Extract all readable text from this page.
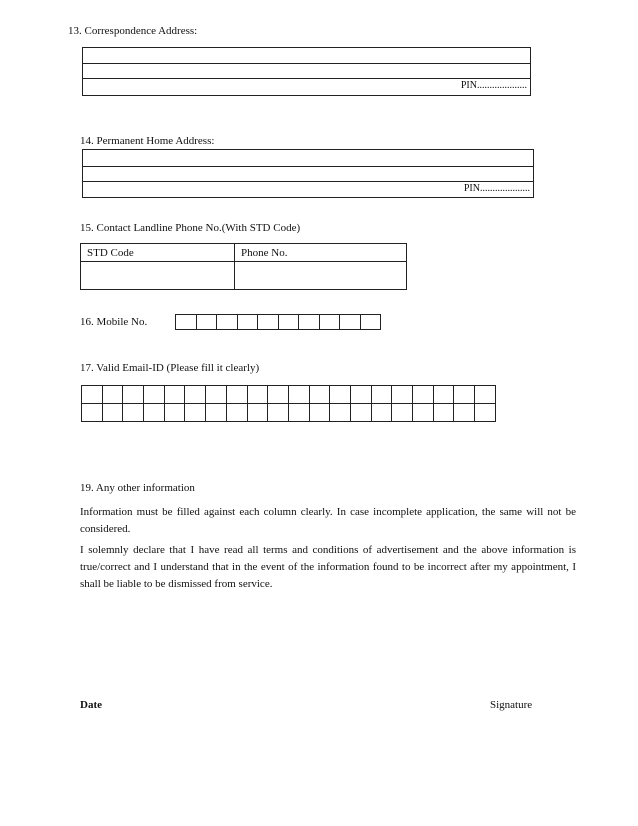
13. Correspondence Address:
PIN....................
14. Permanent Home Address:
PIN....................
15. Contact Landline Phone No.(With STD Code)
STD Code	Phone No.
16. Mobile No.

17. Valid Email-ID (Please fill it clearly)

19. Any other information
Information must be filled against each column clearly. In case incomplete application, the same will not be considered.
I solemnly declare that I have read all terms and conditions of advertisement and the above information is true/correct and I understand that in the event of the information found to be incorrect after my appointment, I shall be liable to be dismissed from service.
Date	Signature
